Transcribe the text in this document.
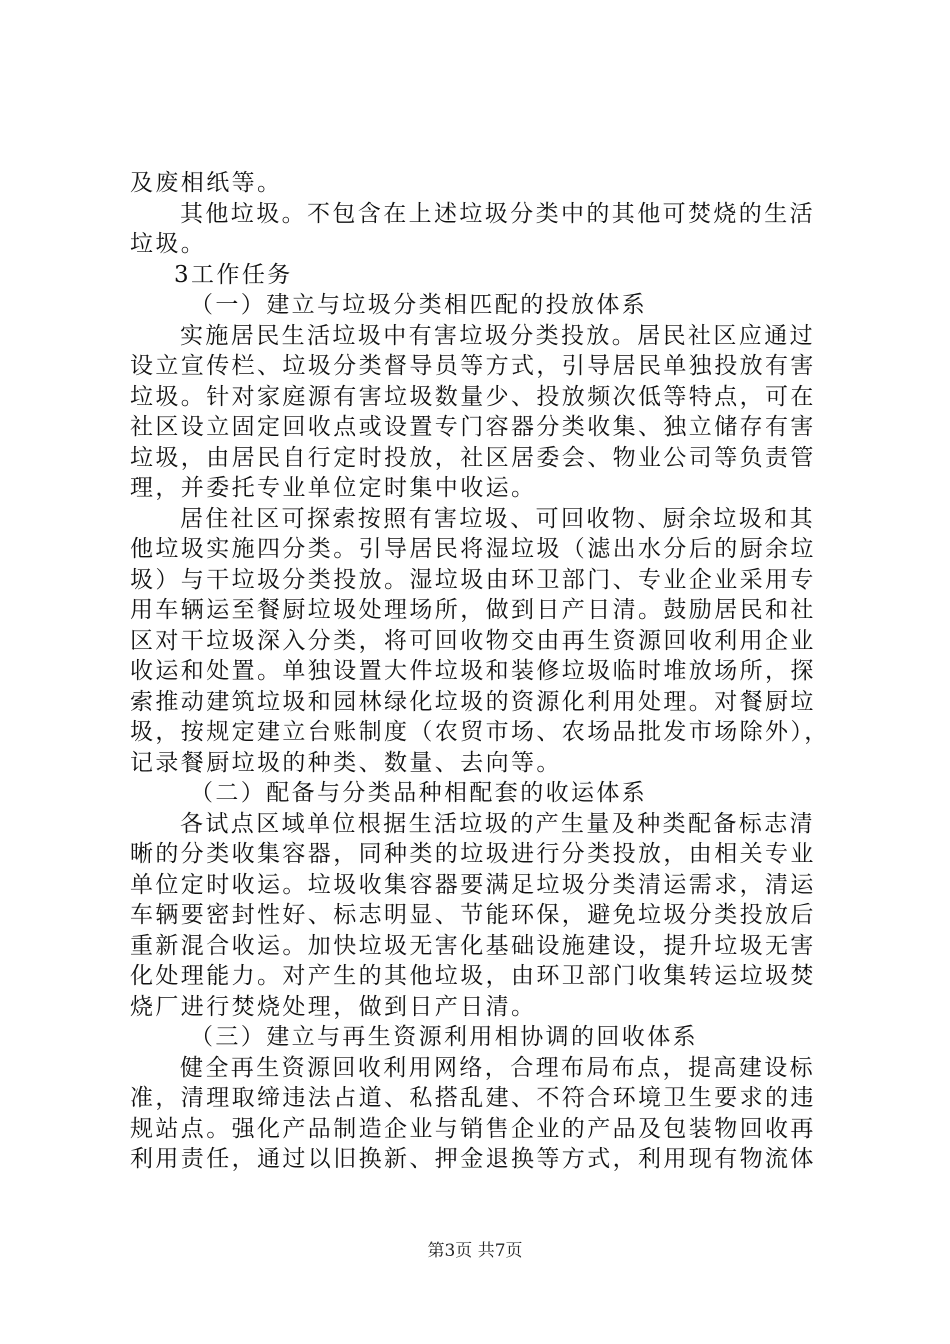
及废相纸等。
其他垃圾。不包含在上述垃圾分类中的其他可焚烧的生活
垃圾。
3工作任务
（一）建立与垃圾分类相匹配的投放体系
实施居民生活垃圾中有害垃圾分类投放。居民社区应通过
设立宣传栏、垃圾分类督导员等方式，引导居民单独投放有害
垃圾。针对家庭源有害垃圾数量少、投放频次低等特点，可在
社区设立固定回收点或设置专门容器分类收集、独立储存有害
垃圾，由居民自行定时投放，社区居委会、物业公司等负责管
理，并委托专业单位定时集中收运。
居住社区可探索按照有害垃圾、可回收物、厨余垃圾和其
他垃圾实施四分类。引导居民将湿垃圾（滤出水分后的厨余垃
圾）与干垃圾分类投放。湿垃圾由环卫部门、专业企业采用专
用车辆运至餐厨垃圾处理场所，做到日产日清。鼓励居民和社
区对干垃圾深入分类，将可回收物交由再生资源回收利用企业
收运和处置。单独设置大件垃圾和装修垃圾临时堆放场所，探
索推动建筑垃圾和园林绿化垃圾的资源化利用处理。对餐厨垃
圾，按规定建立台账制度（农贸市场、农场品批发市场除外），
记录餐厨垃圾的种类、数量、去向等。
（二）配备与分类品种相配套的收运体系
各试点区域单位根据生活垃圾的产生量及种类配备标志清
晰的分类收集容器，同种类的垃圾进行分类投放，由相关专业
单位定时收运。垃圾收集容器要满足垃圾分类清运需求，清运
车辆要密封性好、标志明显、节能环保，避免垃圾分类投放后
重新混合收运。加快垃圾无害化基础设施建设，提升垃圾无害
化处理能力。对产生的其他垃圾，由环卫部门收集转运垃圾焚
烧厂进行焚烧处理，做到日产日清。
（三）建立与再生资源利用相协调的回收体系
健全再生资源回收利用网络，合理布局布点，提高建设标
准，清理取缔违法占道、私搭乱建、不符合环境卫生要求的违
规站点。强化产品制造企业与销售企业的产品及包装物回收再
利用责任，通过以旧换新、押金退换等方式，利用现有物流体
第3页 共7页
